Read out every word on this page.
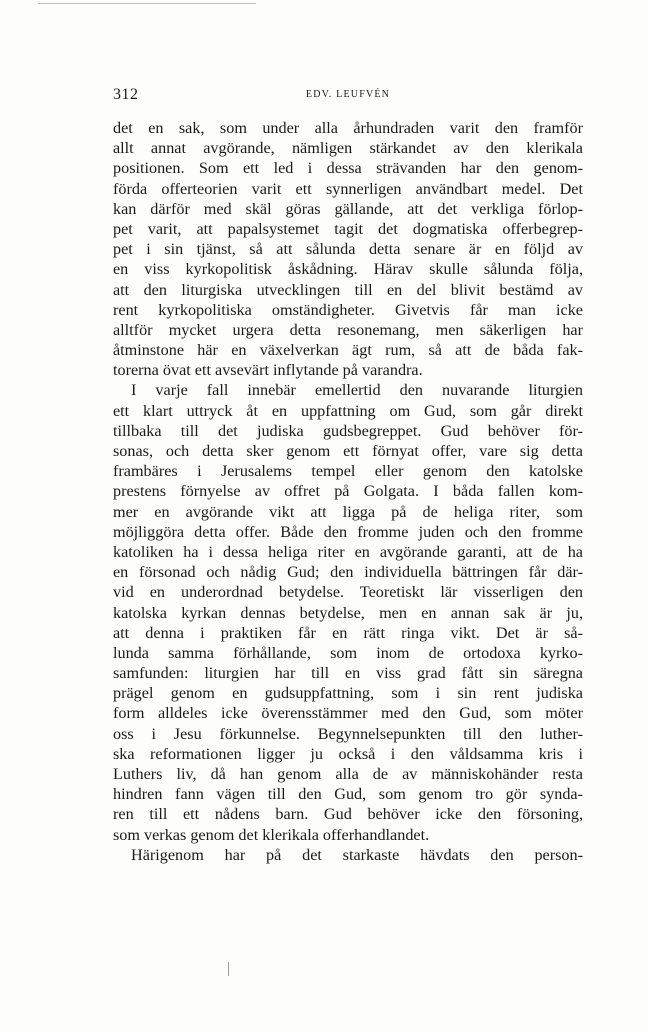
312	EDV. LEUFVÉN
det en sak, som under alla århundraden varit den framför
allt annat avgörande, nämligen stärkandet av den klerikala
positionen. Som ett led i dessa strävanden har den genom-
förda offerteorien varit ett synnerligen användbart medel. Det
kan därför med skäl göras gällande, att det verkliga förlop-
pet varit, att papalsystemet tagit det dogmatiska offerbegrep-
pet i sin tjänst, så att sålunda detta senare är en följd av
en viss kyrkopolitisk åskådning. Härav skulle sålunda följa,
att den liturgiska utvecklingen till en del blivit bestämd av
rent kyrkopolitiska omständigheter. Givetvis får man icke
alltför mycket urgera detta resonemang, men säkerligen har
åtminstone här en växelverkan ägt rum, så att de båda fak-
torerna övat ett avsevärt inflytande på varandra.
I varje fall innebär emellertid den nuvarande liturgien
ett klart uttryck åt en uppfattning om Gud, som går direkt
tillbaka till det judiska gudsbegreppet. Gud behöver för-
sonas, och detta sker genom ett förnyat offer, vare sig detta
frambäres i Jerusalems tempel eller genom den katolske
prestens förnyelse av offret på Golgata. I båda fallen kom-
mer en avgörande vikt att ligga på de heliga riter, som
möjliggöra detta offer. Både den fromme juden och den fromme
katoliken ha i dessa heliga riter en avgörande garanti, att de ha
en försonad och nådig Gud; den individuella bättringen får där-
vid en underordnad betydelse. Teoretiskt lär visserligen den
katolska kyrkan dennas betydelse, men en annan sak är ju,
att denna i praktiken får en rätt ringa vikt. Det är så-
lunda samma förhållande, som inom de ortodoxa kyrko-
samfunden: liturgien har till en viss grad fått sin säregna
prägel genom en gudsuppfattning, som i sin rent judiska
form alldeles icke överensstämmer med den Gud, som möter
oss i Jesu förkunnelse. Begynnelsepunkten till den luther-
ska reformationen ligger ju också i den våldsamma kris i
Luthers liv, då han genom alla de av människohänder resta
hindren fann vägen till den Gud, som genom tro gör synda-
ren till ett nådens barn. Gud behöver icke den försoning,
som verkas genom det klerikala offerhandlandet.
Härigenom har på det starkaste hävdats den person-
